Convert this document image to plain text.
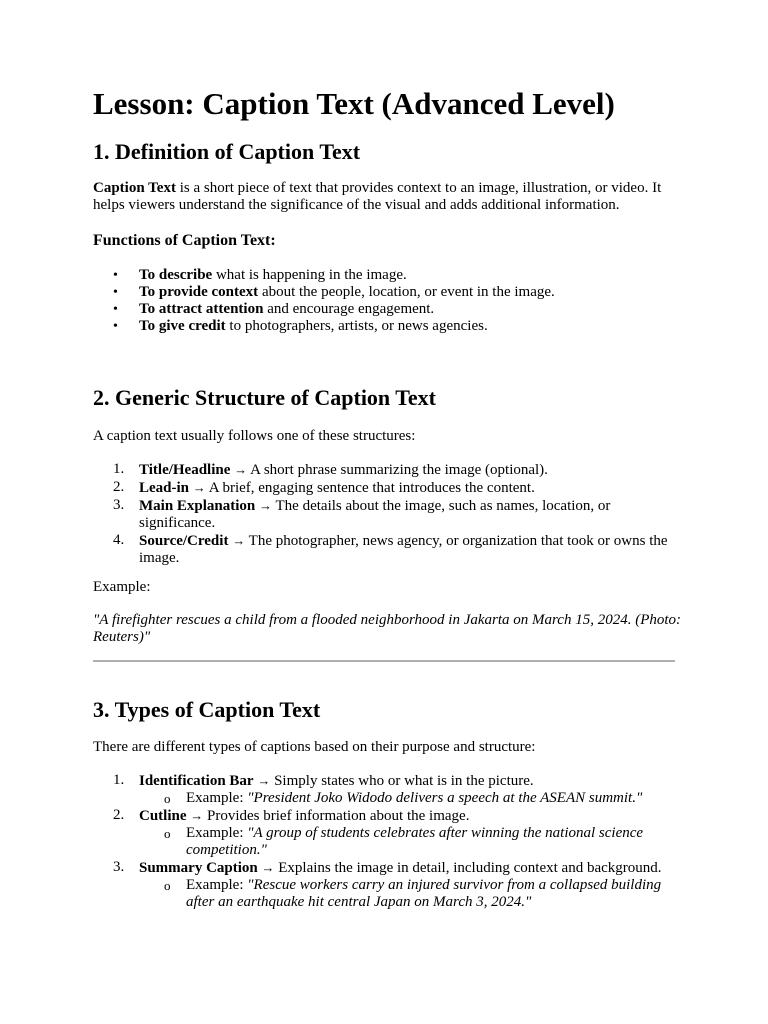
Lesson: Caption Text (Advanced Level)
1. Definition of Caption Text

Caption Text is a short piece of text that provides context to an image, illustration, or video. It helps viewers understand the significance of the visual and adds additional information.

Functions of Caption Text:
• To describe what is happening in the image.
• To provide context about the people, location, or event in the image.
• To attract attention and encourage engagement.
• To give credit to photographers, artists, or news agencies.
2. Generic Structure of Caption Text

A caption text usually follows one of these structures:

1. Title/Headline → A short phrase summarizing the image (optional).
2. Lead-in → A brief, engaging sentence that introduces the content.
3. Main Explanation → The details about the image, such as names, location, or significance.
4. Source/Credit → The photographer, news agency, or organization that took or owns the image.

Example:

"A firefighter rescues a child from a flooded neighborhood in Jakarta on March 15, 2024. (Photo: Reuters)"

3. Types of Caption Text

There are different types of captions based on their purpose and structure:

1. Identification Bar → Simply states who or what is in the picture.
o Example: "President Joko Widodo delivers a speech at the ASEAN summit."
2. Cutline → Provides brief information about the image.
o Example: "A group of students celebrates after winning the national science competition."
3. Summary Caption → Explains the image in detail, including context and background.
o Example: "Rescue workers carry an injured survivor from a collapsed building after an earthquake hit central Japan on March 3, 2024."
